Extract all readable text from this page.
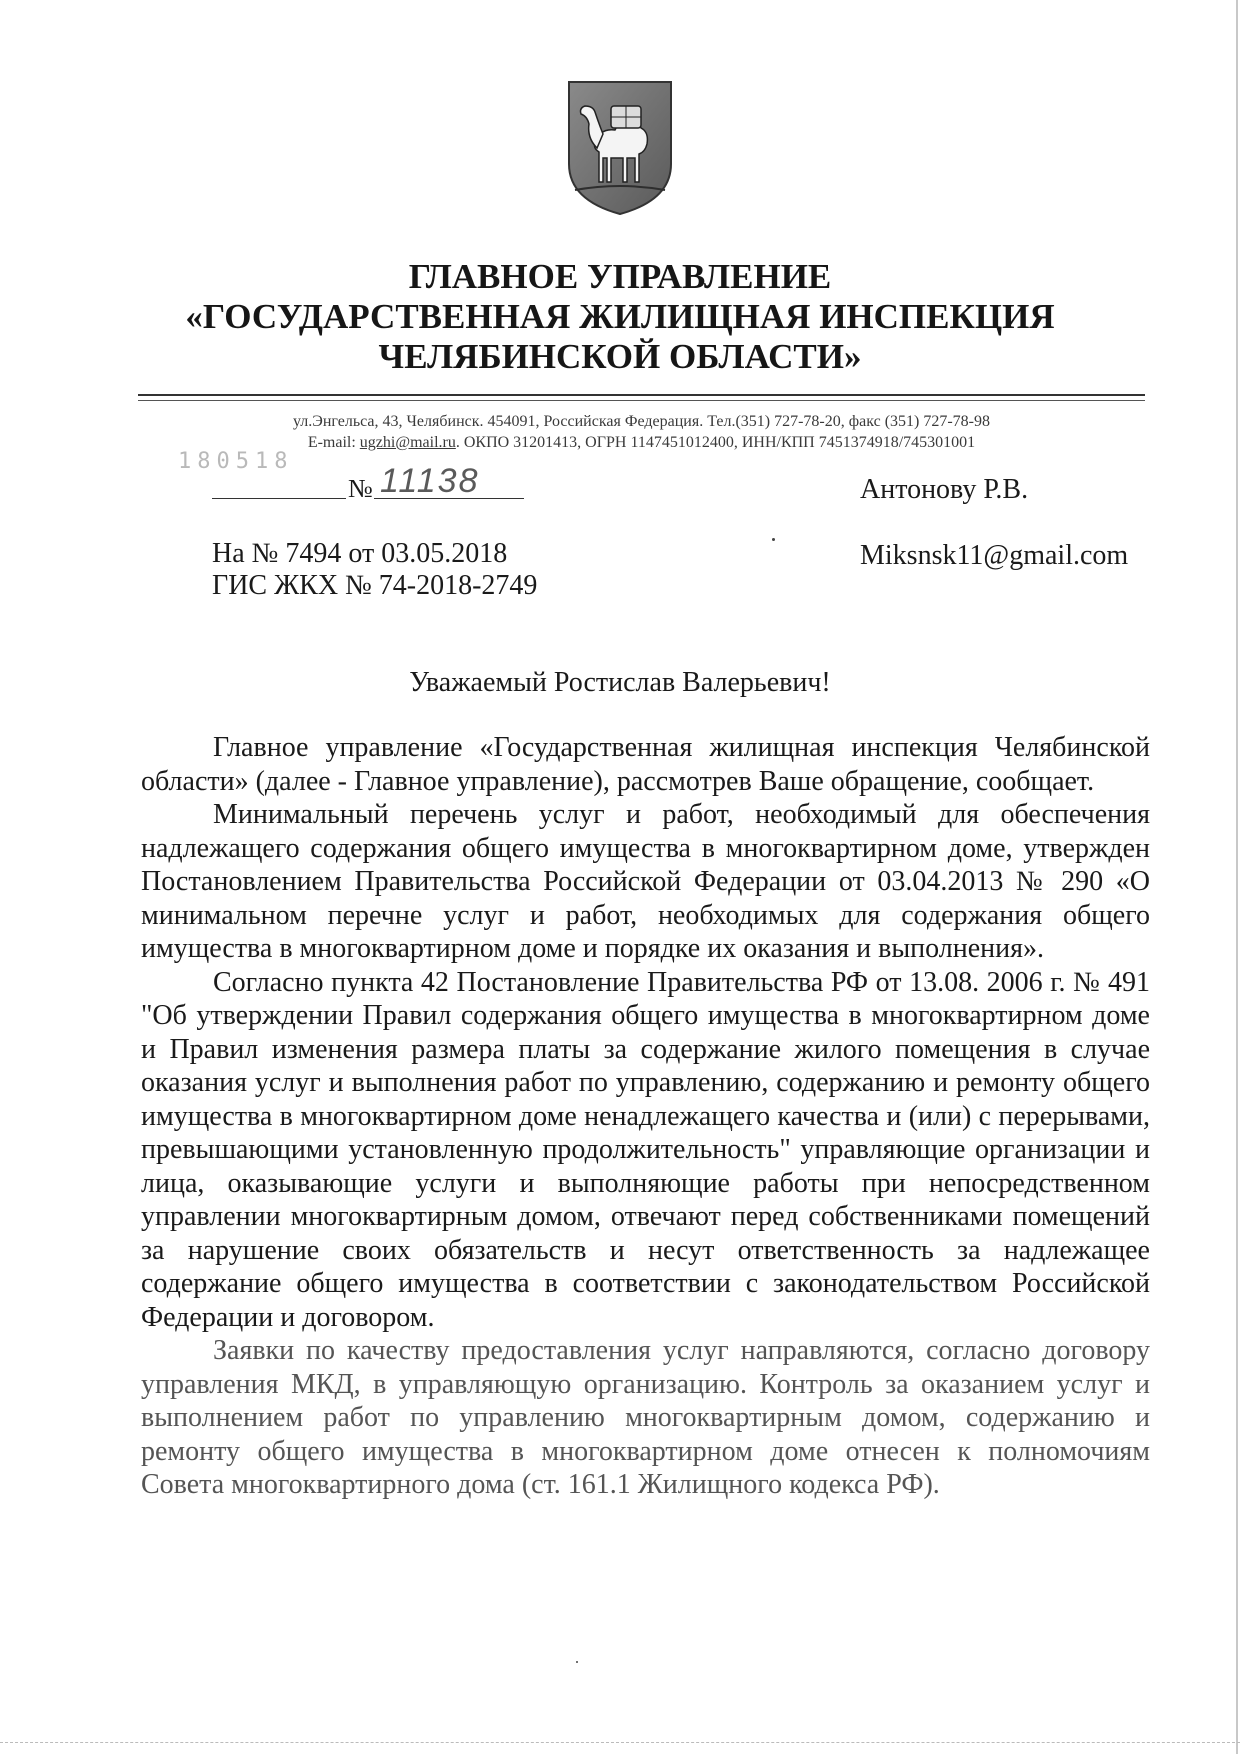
ГЛАВНОЕ УПРАВЛЕНИЕ
«ГОСУДАРСТВЕННАЯ ЖИЛИЩНАЯ ИНСПЕКЦИЯ
ЧЕЛЯБИНСКОЙ ОБЛАСТИ»
ул.Энгельса, 43, Челябинск. 454091, Российская Федерация. Тел.(351) 727-78-20, факс (351) 727-78-98
E-mail: ugzhi@mail.ru. ОКПО 31201413, ОГРН 1147451012400, ИНН/КПП 7451374918/745301001
180518
№ 11138	Антонову Р.В.
Miksnsk11@gmail.com
На № 7494 от 03.05.2018
ГИС ЖКХ № 74-2018-2749
Уважаемый Ростислав Валерьевич!

Главное управление «Государственная жилищная инспекция Челябинской области» (далее - Главное управление), рассмотрев Ваше обращение, сообщает.

Минимальный перечень услуг и работ, необходимый для обеспечения надлежащего содержания общего имущества в многоквартирном доме, утвержден Постановлением Правительства Российской Федерации от 03.04.2013 № 290 «О минимальном перечне услуг и работ, необходимых для содержания общего имущества в многоквартирном доме и порядке их оказания и выполнения».

Согласно пункта 42 Постановление Правительства РФ от 13.08. 2006 г. № 491 "Об утверждении Правил содержания общего имущества в многоквартирном доме и Правил изменения размера платы за содержание жилого помещения в случае оказания услуг и выполнения работ по управлению, содержанию и ремонту общего имущества в многоквартирном доме ненадлежащего качества и (или) с перерывами, превышающими установленную продолжительность" управляющие организации и лица, оказывающие услуги и выполняющие работы при непосредственном управлении многоквартирным домом, отвечают перед собственниками помещений за нарушение своих обязательств и несут ответственность за надлежащее содержание общего имущества в соответствии с законодательством Российской Федерации и договором.

Заявки по качеству предоставления услуг направляются, согласно договору управления МКД, в управляющую организацию. Контроль за оказанием услуг и выполнением работ по управлению многоквартирным домом, содержанию и ремонту общего имущества в многоквартирном доме отнесен к полномочиям Совета многоквартирного дома (ст. 161.1 Жилищного кодекса РФ).
